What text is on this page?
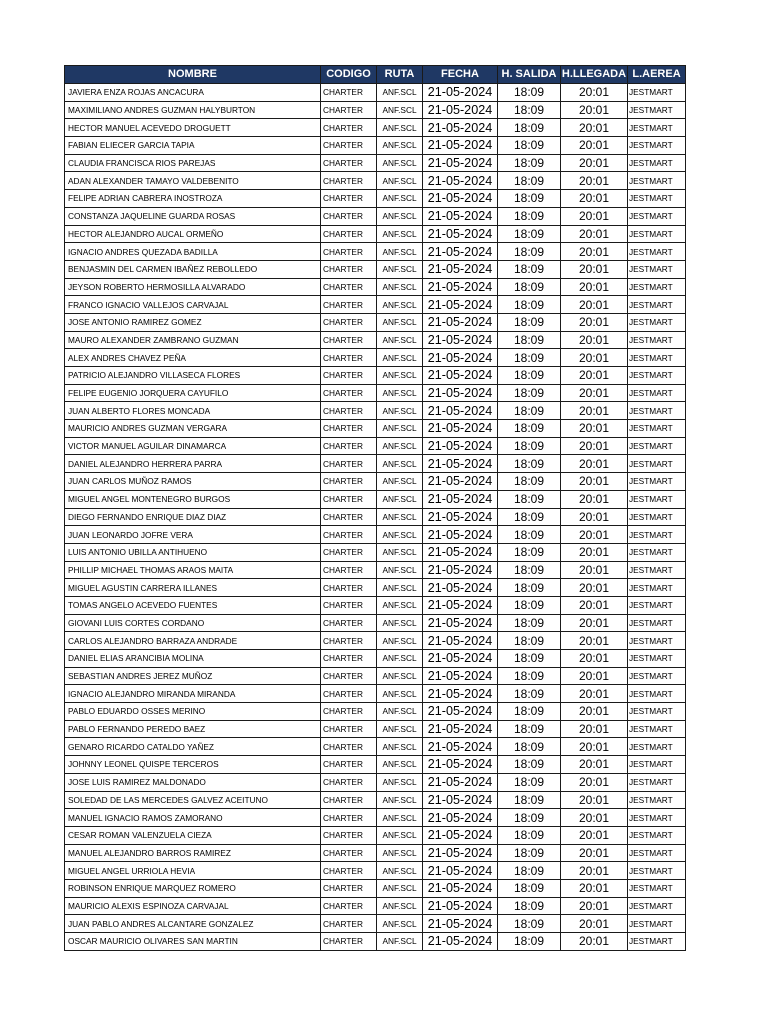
NOMBRE	CODIGO	RUTA	FECHA	H. SALIDA	H.LLEGADA	L.AEREA
JAVIERA ENZA ROJAS ANCACURA	CHARTER	ANF.SCL	21-05-2024	18:09	20:01	JESTMART
MAXIMILIANO ANDRES GUZMAN HALYBURTON	CHARTER	ANF.SCL	21-05-2024	18:09	20:01	JESTMART
HECTOR MANUEL ACEVEDO DROGUETT	CHARTER	ANF.SCL	21-05-2024	18:09	20:01	JESTMART
FABIAN ELIECER GARCIA TAPIA	CHARTER	ANF.SCL	21-05-2024	18:09	20:01	JESTMART
CLAUDIA FRANCISCA RIOS PAREJAS	CHARTER	ANF.SCL	21-05-2024	18:09	20:01	JESTMART
ADAN ALEXANDER TAMAYO VALDEBENITO	CHARTER	ANF.SCL	21-05-2024	18:09	20:01	JESTMART
FELIPE ADRIAN CABRERA INOSTROZA	CHARTER	ANF.SCL	21-05-2024	18:09	20:01	JESTMART
CONSTANZA JAQUELINE GUARDA ROSAS	CHARTER	ANF.SCL	21-05-2024	18:09	20:01	JESTMART
HECTOR ALEJANDRO AUCAL ORMEÑO	CHARTER	ANF.SCL	21-05-2024	18:09	20:01	JESTMART
IGNACIO ANDRES QUEZADA BADILLA	CHARTER	ANF.SCL	21-05-2024	18:09	20:01	JESTMART
BENJASMIN DEL CARMEN IBAÑEZ REBOLLEDO	CHARTER	ANF.SCL	21-05-2024	18:09	20:01	JESTMART
JEYSON ROBERTO HERMOSILLA ALVARADO	CHARTER	ANF.SCL	21-05-2024	18:09	20:01	JESTMART
FRANCO IGNACIO VALLEJOS CARVAJAL	CHARTER	ANF.SCL	21-05-2024	18:09	20:01	JESTMART
JOSE ANTONIO RAMIREZ GOMEZ	CHARTER	ANF.SCL	21-05-2024	18:09	20:01	JESTMART
MAURO ALEXANDER ZAMBRANO GUZMAN	CHARTER	ANF.SCL	21-05-2024	18:09	20:01	JESTMART
ALEX ANDRES CHAVEZ PEÑA	CHARTER	ANF.SCL	21-05-2024	18:09	20:01	JESTMART
PATRICIO ALEJANDRO VILLASECA FLORES	CHARTER	ANF.SCL	21-05-2024	18:09	20:01	JESTMART
FELIPE EUGENIO JORQUERA CAYUFILO	CHARTER	ANF.SCL	21-05-2024	18:09	20:01	JESTMART
JUAN ALBERTO FLORES MONCADA	CHARTER	ANF.SCL	21-05-2024	18:09	20:01	JESTMART
MAURICIO ANDRES GUZMAN VERGARA	CHARTER	ANF.SCL	21-05-2024	18:09	20:01	JESTMART
VICTOR MANUEL AGUILAR DINAMARCA	CHARTER	ANF.SCL	21-05-2024	18:09	20:01	JESTMART
DANIEL ALEJANDRO HERRERA PARRA	CHARTER	ANF.SCL	21-05-2024	18:09	20:01	JESTMART
JUAN CARLOS MUÑOZ RAMOS	CHARTER	ANF.SCL	21-05-2024	18:09	20:01	JESTMART
MIGUEL ANGEL MONTENEGRO BURGOS	CHARTER	ANF.SCL	21-05-2024	18:09	20:01	JESTMART
DIEGO FERNANDO ENRIQUE DIAZ DIAZ	CHARTER	ANF.SCL	21-05-2024	18:09	20:01	JESTMART
JUAN LEONARDO JOFRE VERA	CHARTER	ANF.SCL	21-05-2024	18:09	20:01	JESTMART
LUIS ANTONIO UBILLA ANTIHUENO	CHARTER	ANF.SCL	21-05-2024	18:09	20:01	JESTMART
PHILLIP MICHAEL THOMAS ARAOS MAITA	CHARTER	ANF.SCL	21-05-2024	18:09	20:01	JESTMART
MIGUEL AGUSTIN CARRERA ILLANES	CHARTER	ANF.SCL	21-05-2024	18:09	20:01	JESTMART
TOMAS ANGELO ACEVEDO FUENTES	CHARTER	ANF.SCL	21-05-2024	18:09	20:01	JESTMART
GIOVANI LUIS CORTES CORDANO	CHARTER	ANF.SCL	21-05-2024	18:09	20:01	JESTMART
CARLOS ALEJANDRO BARRAZA ANDRADE	CHARTER	ANF.SCL	21-05-2024	18:09	20:01	JESTMART
DANIEL ELIAS ARANCIBIA MOLINA	CHARTER	ANF.SCL	21-05-2024	18:09	20:01	JESTMART
SEBASTIAN ANDRES JEREZ MUÑOZ	CHARTER	ANF.SCL	21-05-2024	18:09	20:01	JESTMART
IGNACIO ALEJANDRO MIRANDA MIRANDA	CHARTER	ANF.SCL	21-05-2024	18:09	20:01	JESTMART
PABLO EDUARDO OSSES MERINO	CHARTER	ANF.SCL	21-05-2024	18:09	20:01	JESTMART
PABLO FERNANDO PEREDO BAEZ	CHARTER	ANF.SCL	21-05-2024	18:09	20:01	JESTMART
GENARO RICARDO CATALDO YAÑEZ	CHARTER	ANF.SCL	21-05-2024	18:09	20:01	JESTMART
JOHNNY LEONEL QUISPE TERCEROS	CHARTER	ANF.SCL	21-05-2024	18:09	20:01	JESTMART
JOSE LUIS RAMIREZ MALDONADO	CHARTER	ANF.SCL	21-05-2024	18:09	20:01	JESTMART
SOLEDAD DE LAS MERCEDES GALVEZ ACEITUNO	CHARTER	ANF.SCL	21-05-2024	18:09	20:01	JESTMART
MANUEL IGNACIO RAMOS ZAMORANO	CHARTER	ANF.SCL	21-05-2024	18:09	20:01	JESTMART
CESAR ROMAN VALENZUELA CIEZA	CHARTER	ANF.SCL	21-05-2024	18:09	20:01	JESTMART
MANUEL ALEJANDRO BARROS RAMIREZ	CHARTER	ANF.SCL	21-05-2024	18:09	20:01	JESTMART
MIGUEL ANGEL URRIOLA HEVIA	CHARTER	ANF.SCL	21-05-2024	18:09	20:01	JESTMART
ROBINSON ENRIQUE MARQUEZ ROMERO	CHARTER	ANF.SCL	21-05-2024	18:09	20:01	JESTMART
MAURICIO ALEXIS ESPINOZA CARVAJAL	CHARTER	ANF.SCL	21-05-2024	18:09	20:01	JESTMART
JUAN PABLO ANDRES ALCANTARE GONZALEZ	CHARTER	ANF.SCL	21-05-2024	18:09	20:01	JESTMART
OSCAR MAURICIO OLIVARES SAN MARTIN	CHARTER	ANF.SCL	21-05-2024	18:09	20:01	JESTMART
